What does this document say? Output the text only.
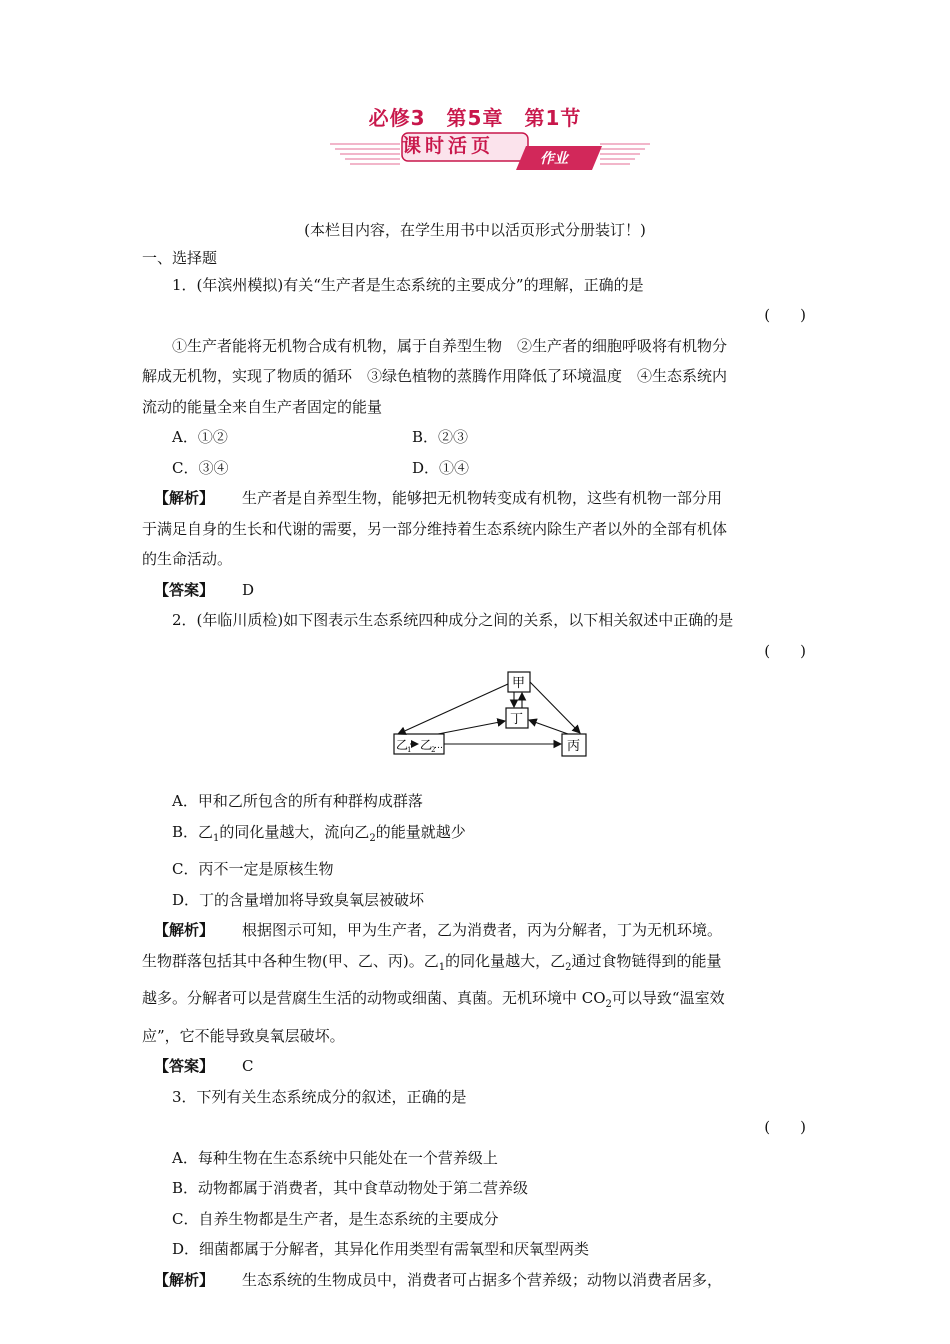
必修3　第5章　第1节
课时活页
作业

(本栏目内容，在学生用书中以活页形式分册装订！)

一、选择题

1．(年滨州模拟)有关“生产者是生态系统的主要成分”的理解，正确的是

(　　)

①生产者能将无机物合成有机物，属于自养型生物　②生产者的细胞呼吸将有机物分

解成无机物，实现了物质的循环　③绿色植物的蒸腾作用降低了环境温度　④生态系统内

流动的能量全来自生产者固定的能量

A．①②	B．②③
C．③④	D．①④

【解析】 生产者是自养型生物，能够把无机物转变成有机物，这些有机物一部分用

于满足自身的生长和代谢的需要，另一部分维持着生态系统内除生产者以外的全部有机体

的生命活动。

【答案】 D

2．(年临川质检)如下图表示生态系统四种成分之间的关系，以下相关叙述中正确的是

(　　)

甲
丁
丙
乙
1 乙
2
…

A．甲和乙所包含的所有种群构成群落

B．乙$_1$的同化量越大，流向乙$_2$的能量就越少

C．丙不一定是原核生物

D．丁的含量增加将导致臭氧层被破坏

【解析】 根据图示可知，甲为生产者，乙为消费者，丙为分解者，丁为无机环境。

生物群落包括其中各种生物(甲、乙、丙)。乙$_1$的同化量越大，乙$_2$通过食物链得到的能量

越多。分解者可以是营腐生生活的动物或细菌、真菌。无机环境中 $CO_2$可以导致“温室效

应”，它不能导致臭氧层破坏。

【答案】 C

3．下列有关生态系统成分的叙述，正确的是

(　　)

A．每种生物在生态系统中只能处在一个营养级上

B．动物都属于消费者，其中食草动物处于第二营养级

C．自养生物都是生产者，是生态系统的主要成分

D．细菌都属于分解者，其异化作用类型有需氧型和厌氧型两类

【解析】 生态系统的生物成员中，消费者可占据多个营养级；动物以消费者居多，
